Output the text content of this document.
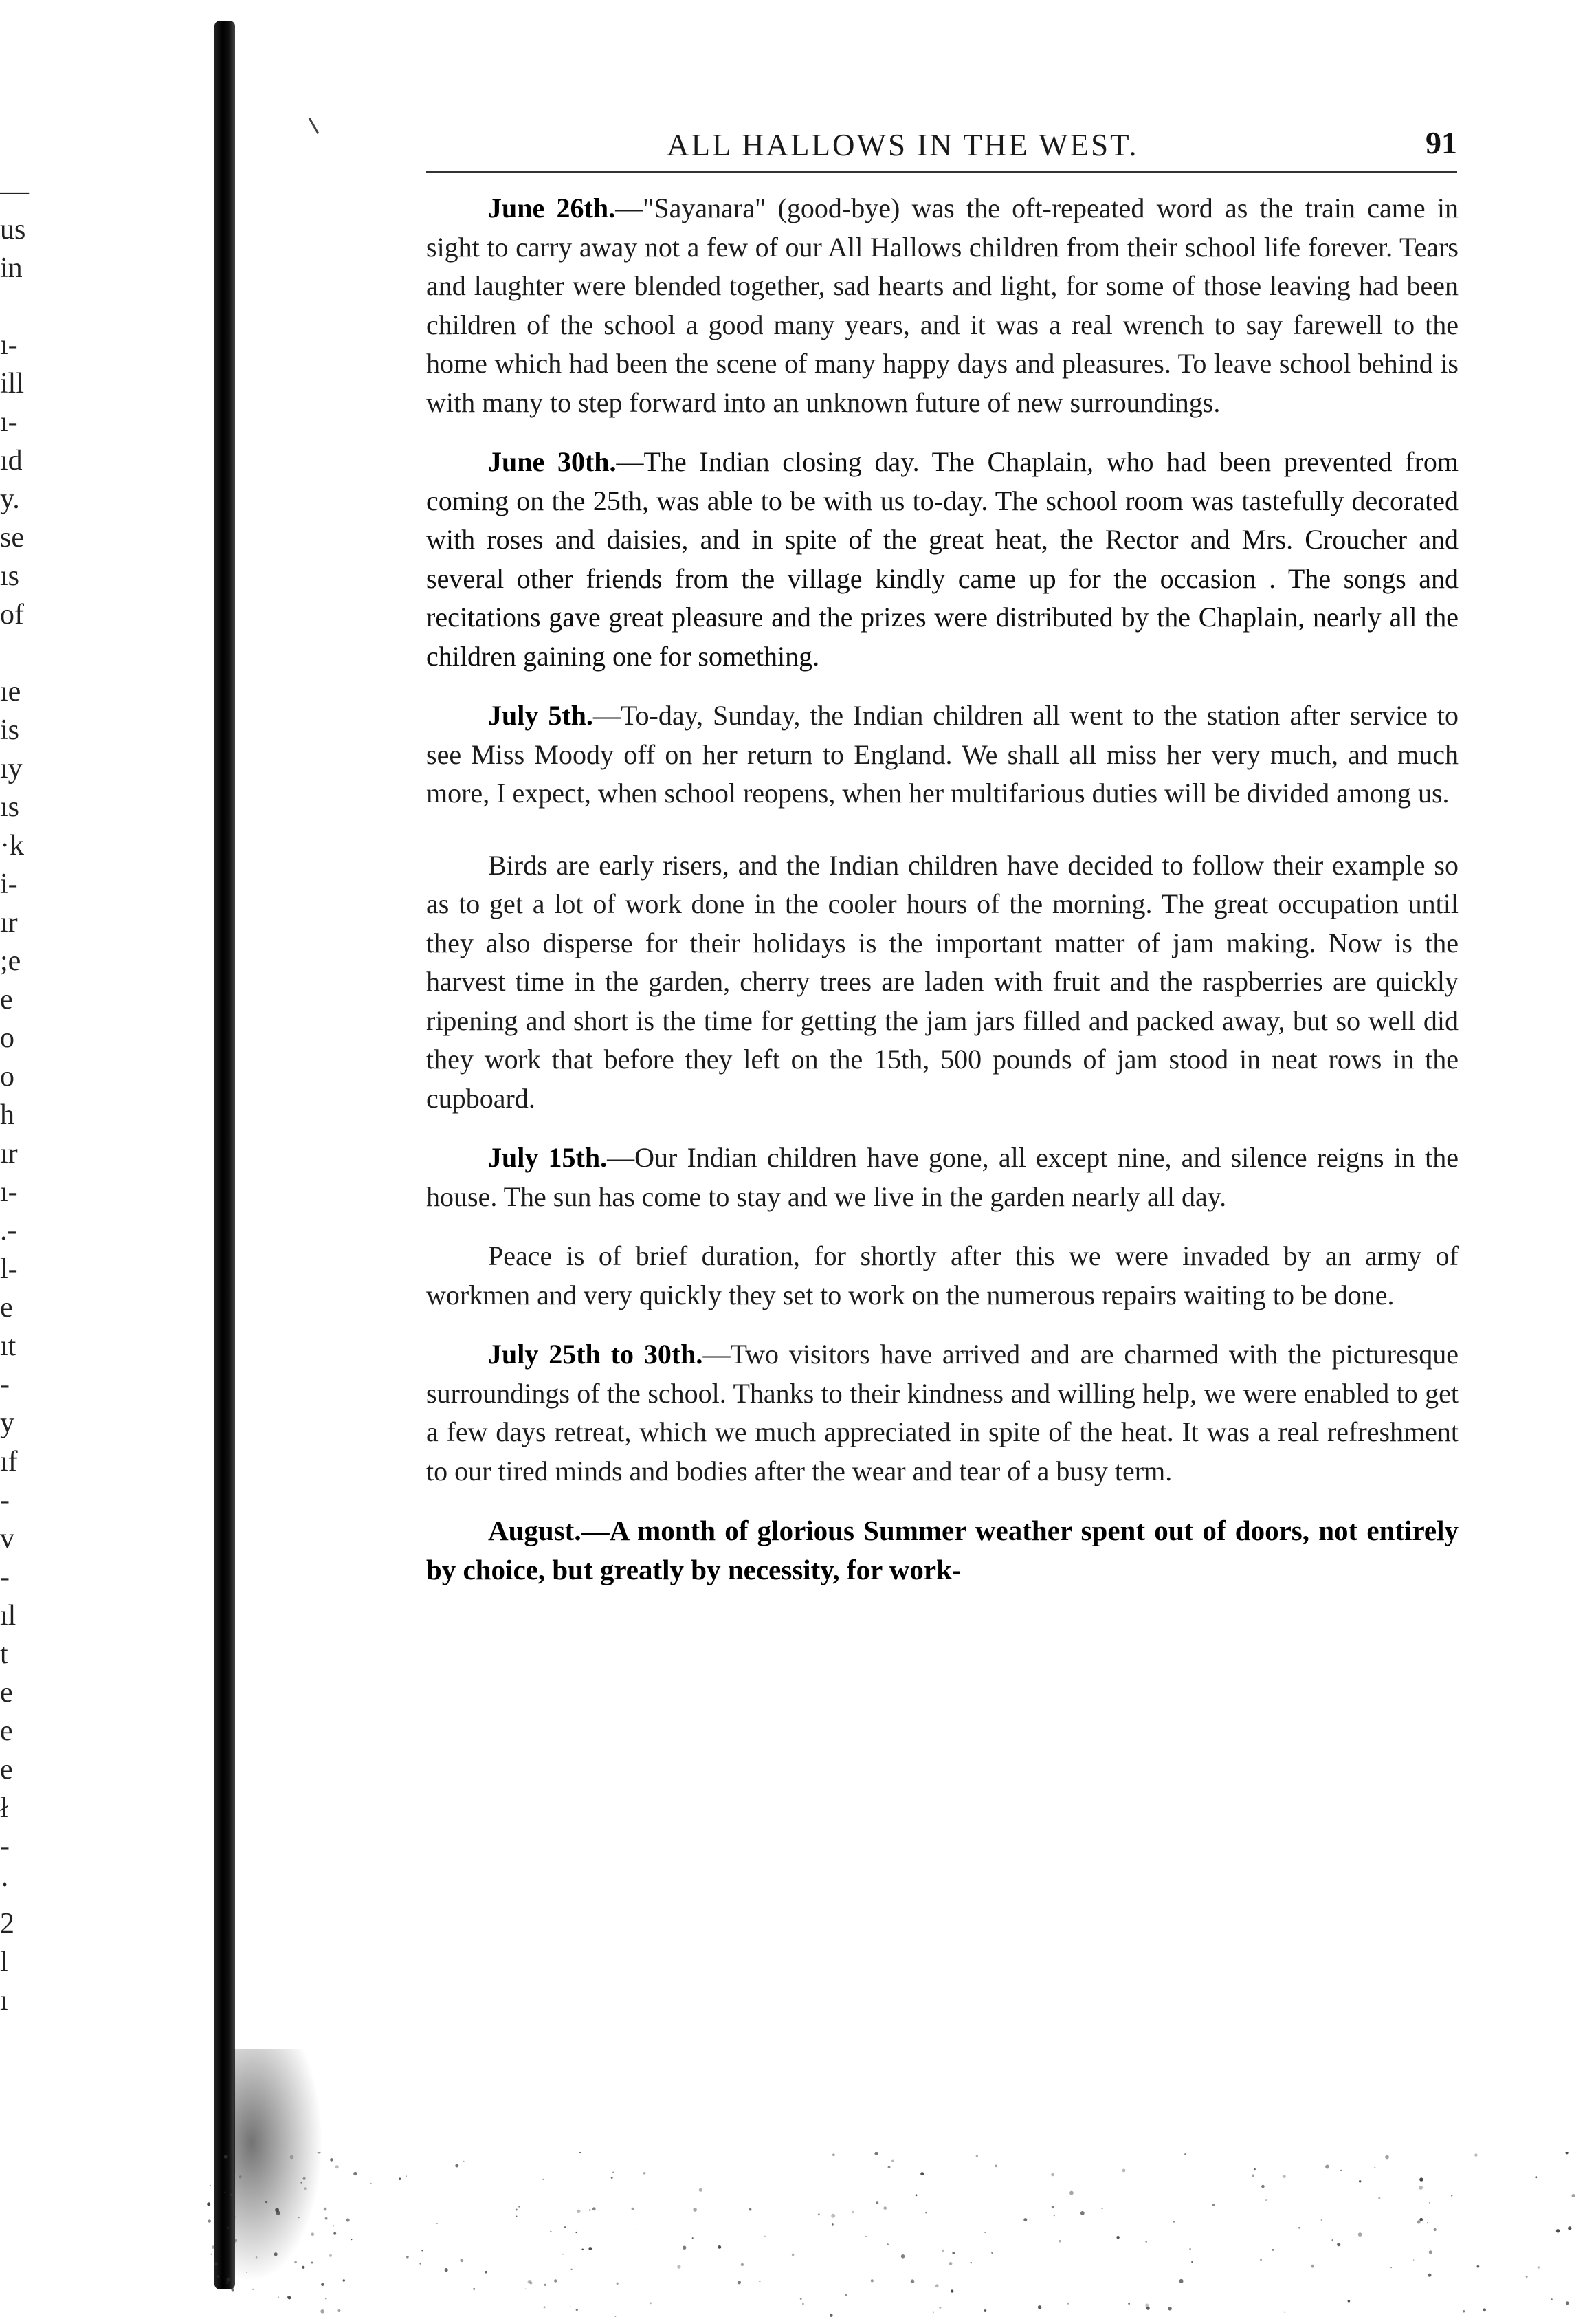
—
us
in
ı-
ill
ı-
ıd
y.
se
ıs
of
ıe
is
ıy
ıs
·k
i-
ır
;e
e
o
o
h
ır
ı-
.-
l-
e
ıt
-
y
ıf
-
v
-
ıl
t
e
e
e
ł
-
·
2
l
ı
ALL HALLOWS IN THE WEST.	91

June 26th.—"Sayanara" (good-bye) was the oft-repeated word as the train came in sight to carry away not a few of our All Hallows children from their school life forever. Tears and laughter were blended together, sad hearts and light, for some of those leaving had been children of the school a good many years, and it was a real wrench to say farewell to the home which had been the scene of many happy days and pleasures. To leave school behind is with many to step forward into an unknown future of new surroundings.

June 30th.—The Indian closing day. The Chaplain, who had been prevented from coming on the 25th, was able to be with us to-day. The school room was tastefully decorated with roses and daisies, and in spite of the great heat, the Rector and Mrs. Croucher and several other friends from the village kindly came up for the occasion . The songs and recitations gave great pleasure and the prizes were distributed by the Chaplain, nearly all the children gaining one for something.

July 5th.—To-day, Sunday, the Indian children all went to the station after service to see Miss Moody off on her return to England. We shall all miss her very much, and much more, I expect, when school reopens, when her multifarious duties will be divided among us.

Birds are early risers, and the Indian children have decided to follow their example so as to get a lot of work done in the cooler hours of the morning. The great occupation until they also disperse for their holidays is the important matter of jam making. Now is the harvest time in the garden, cherry trees are laden with fruit and the raspberries are quickly ripening and short is the time for getting the jam jars filled and packed away, but so well did they work that before they left on the 15th, 500 pounds of jam stood in neat rows in the cupboard.

July 15th.—Our Indian children have gone, all except nine, and silence reigns in the house. The sun has come to stay and we live in the garden nearly all day.

Peace is of brief duration, for shortly after this we were invaded by an army of workmen and very quickly they set to work on the numerous repairs waiting to be done.

July 25th to 30th.—Two visitors have arrived and are charmed with the picturesque surroundings of the school. Thanks to their kindness and willing help, we were enabled to get a few days retreat, which we much appreciated in spite of the heat. It was a real refreshment to our tired minds and bodies after the wear and tear of a busy term.

August.—A month of glorious Summer weather spent out of doors, not entirely by choice, but greatly by necessity, for work-
